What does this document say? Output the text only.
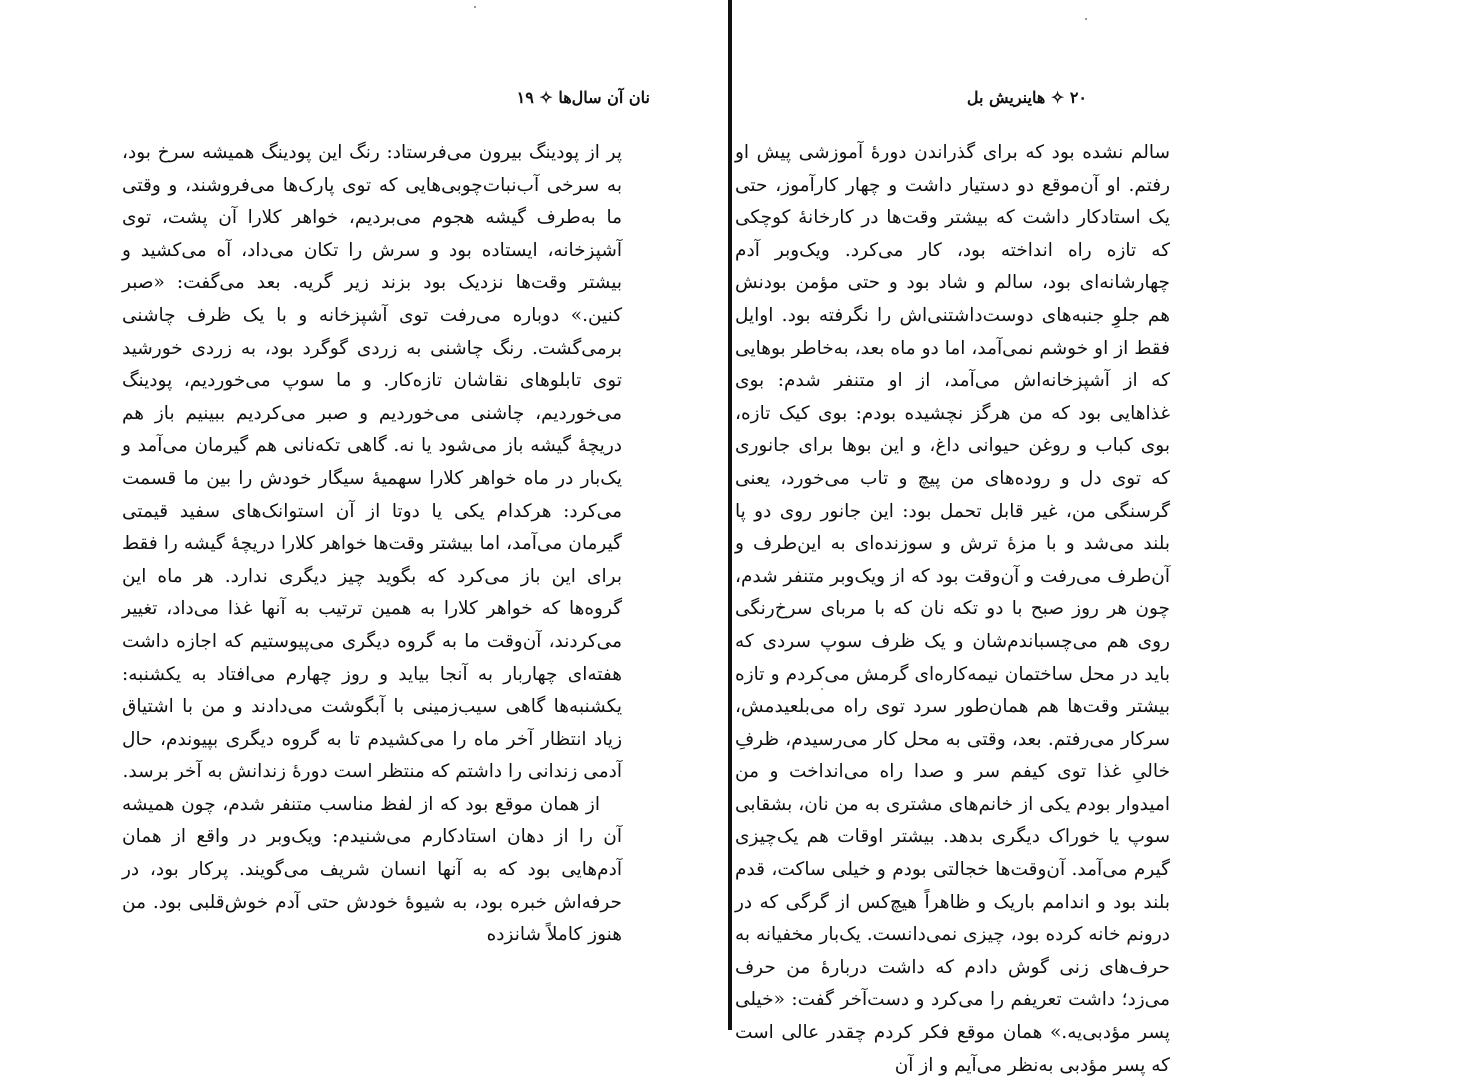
نان آن سال‌ها ✧ ۱۹

پر از پودینگ بیرون می‌فرستاد: رنگ این پودینگ همیشه سرخ بود، به سرخی آب‌نبات‌چوبی‌هایی که توی پارک‌ها می‌فروشند، و وقتی ما به‌طرف گیشه هجوم می‌بردیم، خواهر کلارا آن پشت، توی آشپزخانه، ایستاده بود و سرش را تکان می‌داد، آه می‌کشید و بیشتر وقت‌ها نزدیک بود بزند زیر گریه. بعد می‌گفت: «صبر کنین.» دوباره می‌رفت توی آشپزخانه و با یک ظرف چاشنی برمی‌گشت. رنگ چاشنی به زردی گوگرد بود، به زردی خورشید توی تابلوهای نقاشان تازه‌کار. و ما سوپ می‌خوردیم، پودینگ می‌خوردیم، چاشنی می‌خوردیم و صبر می‌کردیم ببینیم باز هم دریچهٔ گیشه باز می‌شود یا نه. گاهی تکه‌نانی هم گیرمان می‌آمد و یک‌بار در ماه خواهر کلارا سهمیهٔ سیگار خودش را بین ما قسمت می‌کرد: هرکدام یکی یا دوتا از آن استوانک‌های سفید قیمتی گیرمان می‌آمد، اما بیشتر وقت‌ها خواهر کلارا دریچهٔ گیشه را فقط برای این باز می‌کرد که بگوید چیز دیگری ندارد. هر ماه این گروه‌ها که خواهر کلارا به همین ترتیب به آنها غذا می‌داد، تغییر می‌کردند، آن‌وقت ما به گروه دیگری می‌پیوستیم که اجازه داشت هفته‌ای چهاربار به آنجا بیاید و روز چهارم می‌افتاد به یکشنبه: یکشنبه‌ها گاهی سیب‌زمینی با آبگوشت می‌دادند و من با اشتیاق زیاد انتظار آخر ماه را می‌کشیدم تا به گروه دیگری بپیوندم، حال آدمی زندانی را داشتم که منتظر است دورهٔ زندانش به آخر برسد.

از همان موقع بود که از لفظ مناسب متنفر شدم، چون همیشه آن را از دهان استادکارم می‌شنیدم: ویک‌وبر در واقع از همان آدم‌هایی بود که به آنها انسان شریف می‌گویند. پرکار بود، در حرفه‌اش خبره بود، به شیوهٔ خودش حتی آدم خوش‌قلبی بود. من هنوز کاملاً شانزده

۲۰ ✧ هاینریش بل

سالم نشده بود که برای گذراندن دورهٔ آموزشی پیش او رفتم. او آن‌موقع دو دستیار داشت و چهار کارآموز، حتی یک استادکار داشت که بیشتر وقت‌ها در کارخانهٔ کوچکی که تازه راه انداخته بود، کار می‌کرد. ویک‌وبر آدم چهارشانه‌ای بود، سالم و شاد بود و حتی مؤمن بودنش هم جلوِ جنبه‌های دوست‌داشتنی‌اش را نگرفته بود. اوایل فقط از او خوشم نمی‌آمد، اما دو ماه بعد، به‌خاطر بوهایی که از آشپزخانه‌اش می‌آمد، از او متنفر شدم: بوی غذاهایی بود که من هرگز نچشیده بودم: بوی کیک تازه، بوی کباب و روغن حیوانی داغ، و این بوها برای جانوری که توی دل و روده‌های من پیچ و تاب می‌خورد، یعنی گرسنگی من، غیر قابل تحمل بود: این جانور روی دو پا بلند می‌شد و با مزهٔ ترش و سوزنده‌ای به این‌طرف و آن‌طرف می‌رفت و آن‌وقت بود که از ویک‌وبر متنفر شدم، چون هر روز صبح با دو تکه نان که با مربای سرخ‌رنگی روی هم می‌چسباندم‌شان و یک ظرف سوپ سردی که باید در محل ساختمان نیمه‌کاره‌ای گرمش می‌کردم و تازه بیشتر وقت‌ها هم همان‌طور سرد توی راه می‌بلعیدمش، سرکار می‌رفتم. بعد، وقتی به محل کار می‌رسیدم، ظرفِ خالیِ غذا توی کیفم سر و صدا راه می‌انداخت و من امیدوار بودم یکی از خانم‌های مشتری به من نان، بشقابی سوپ یا خوراک دیگری بدهد. بیشتر اوقات هم یک‌چیزی گیرم می‌آمد. آن‌وقت‌ها خجالتی بودم و خیلی ساکت، قدم بلند بود و اندامم باریک و ظاهراً هیچ‌کس از گرگی که در درونم خانه کرده بود، چیزی نمی‌دانست. یک‌بار مخفیانه به حرف‌های زنی گوش دادم که داشت دربارهٔ من حرف می‌زد؛ داشت تعریفم را می‌کرد و دست‌آخر گفت: «خیلی پسر مؤدبی‌یه.» همان موقع فکر کردم چقدر عالی است که پسر مؤدبی به‌نظر می‌آیم و از آن
